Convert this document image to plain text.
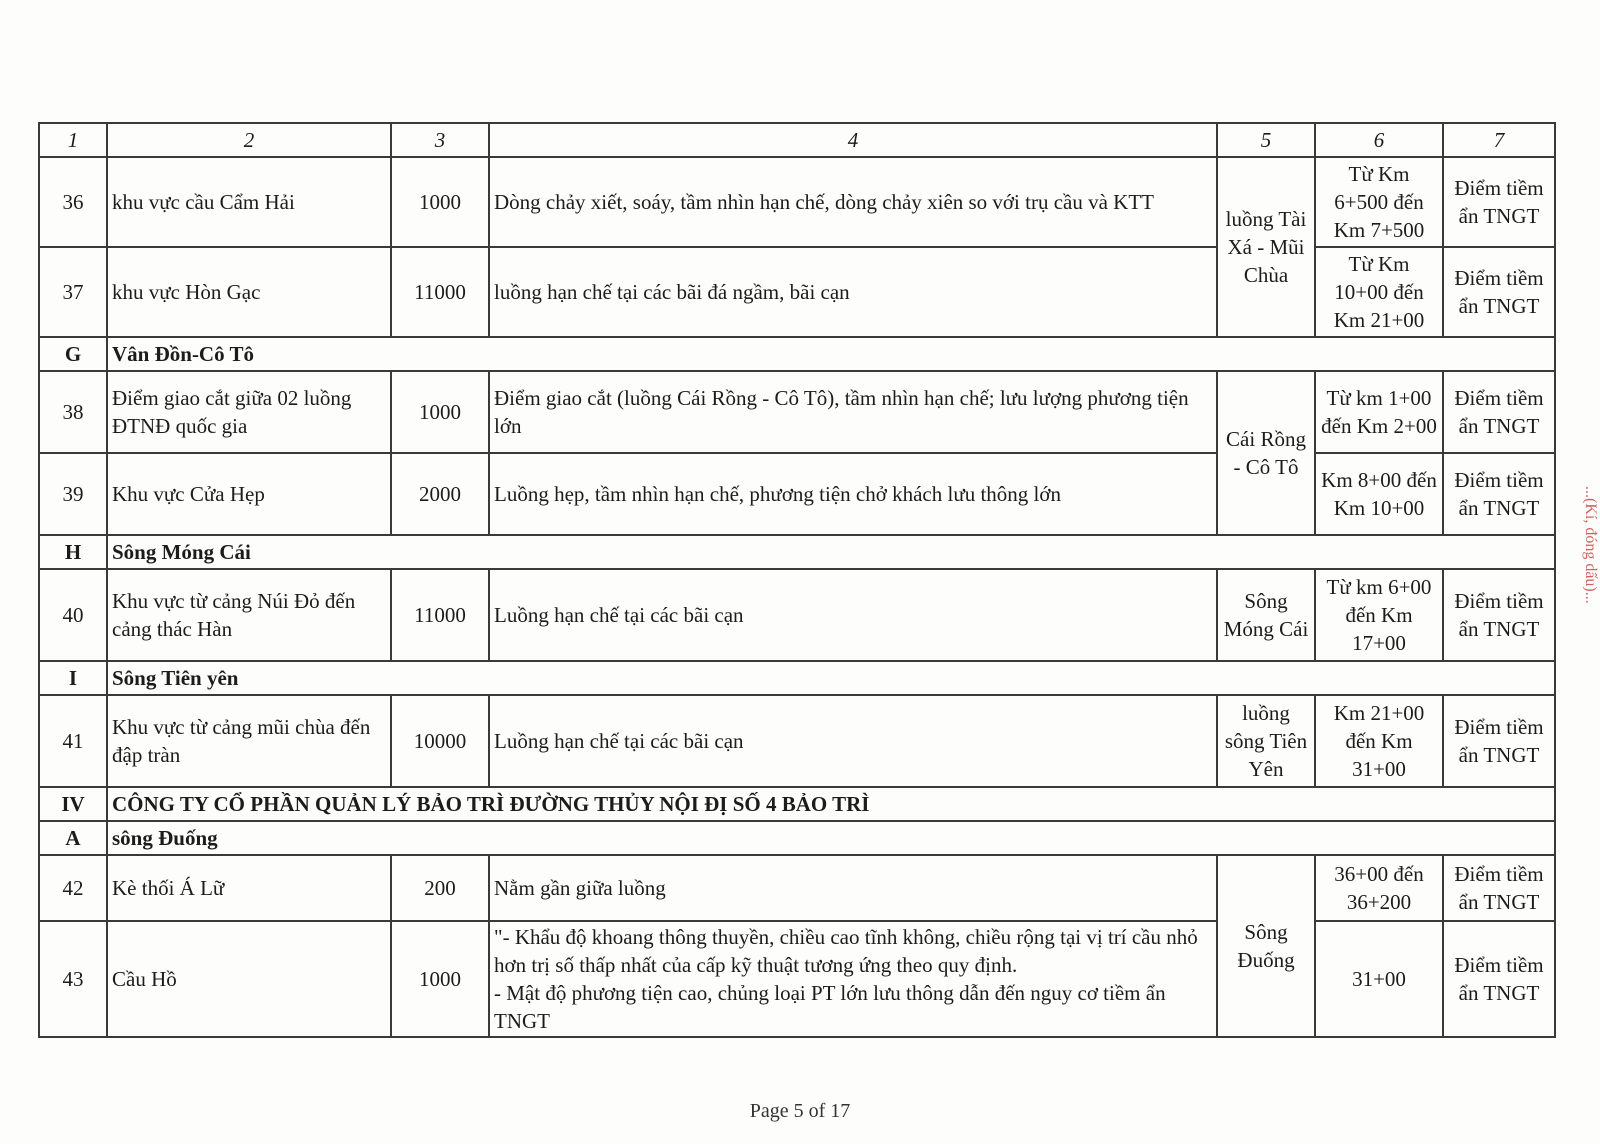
1	2	3	4	5	6	7
36	khu vực cầu Cẩm Hải	1000	Dòng chảy xiết, soáy, tầm nhìn hạn chế, dòng chảy xiên so với trụ cầu và KTT	luồng Tài Xá - Mũi Chùa	Từ Km 6+500 đến Km 7+500	Điểm tiềm ẩn TNGT
37	khu vực Hòn Gạc	11000	luồng hạn chế tại các bãi đá ngầm, bãi cạn		Từ Km 10+00 đến Km 21+00	Điểm tiềm ẩn TNGT
G	Vân Đồn-Cô Tô					
38	Điểm giao cắt giữa 02 luồng ĐTNĐ quốc gia	1000	Điểm giao cắt (luồng Cái Rồng - Cô Tô), tầm nhìn hạn chế; lưu lượng phương tiện lớn	Cái Rồng - Cô Tô	Từ km 1+00 đến Km 2+00	Điểm tiềm ẩn TNGT
39	Khu vực Cửa Hẹp	2000	Luồng hẹp, tầm nhìn hạn chế, phương tiện chở khách lưu thông lớn		Km 8+00 đến Km 10+00	Điểm tiềm ẩn TNGT
H	Sông Móng Cái					
40	Khu vực từ cảng Núi Đỏ đến cảng thác Hàn	11000	Luồng hạn chế tại các bãi cạn	Sông Móng Cái	Từ km 6+00 đến Km 17+00	Điểm tiềm ẩn TNGT
I	Sông Tiên yên					
41	Khu vực từ cảng mũi chùa đến đập tràn	10000	Luồng hạn chế tại các bãi cạn	luồng sông Tiên Yên	Km 21+00 đến Km 31+00	Điểm tiềm ẩn TNGT
IV	CÔNG TY CỔ PHẦN QUẢN LÝ BẢO TRÌ ĐƯỜNG THỦY NỘI ĐỊ SỐ 4 BẢO TRÌ					
A	sông Đuống					
42	Kè thối Á Lữ	200	Nằm gần giữa luồng	Sông Đuống	36+00 đến 36+200	Điểm tiềm ẩn TNGT
43	Cầu Hồ	1000	"- Khẩu độ khoang thông thuyền, chiều cao tĩnh không, chiều rộng tại vị trí cầu nhỏ hơn trị số thấp nhất của cấp kỹ thuật tương ứng theo quy định.
- Mật độ phương tiện cao, chủng loại PT lớn lưu thông dẫn đến nguy cơ tiềm ẩn TNGT		31+00	Điểm tiềm ẩn TNGT
Page 5 of 17
...(Kí, đóng dấu)...
